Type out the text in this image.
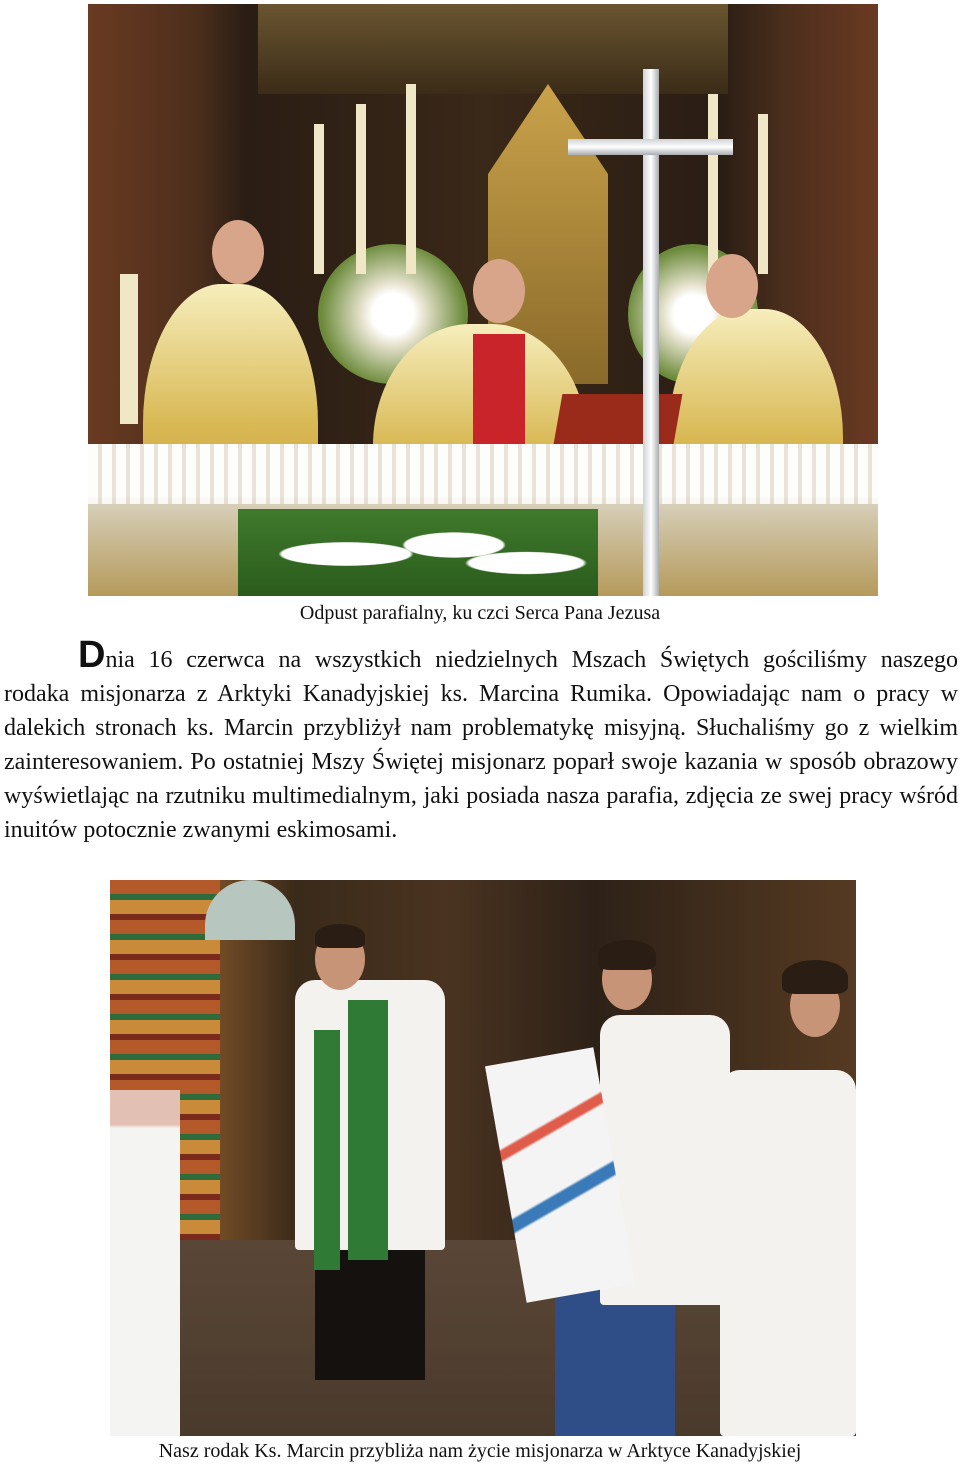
Odpust parafialny, ku czci Serca Pana Jezusa
Dnia 16 czerwca na wszystkich niedzielnych Mszach Świętych gościliśmy naszego rodaka misjonarza z Arktyki Kanadyjskiej ks. Marcina Rumika. Opowiadając nam o pracy w dalekich stronach ks. Marcin przybliżył nam problematykę misyjną. Słuchaliśmy go z wielkim zainteresowaniem. Po ostatniej Mszy Świętej misjonarz poparł swoje kazania w sposób obrazowy wyświetlając na rzutniku multimedialnym, jaki posiada nasza parafia, zdjęcia ze swej pracy wśród inuitów potocznie zwanymi eskimosami.
Nasz rodak Ks. Marcin przybliża nam życie misjonarza w Arktyce Kanadyjskiej
